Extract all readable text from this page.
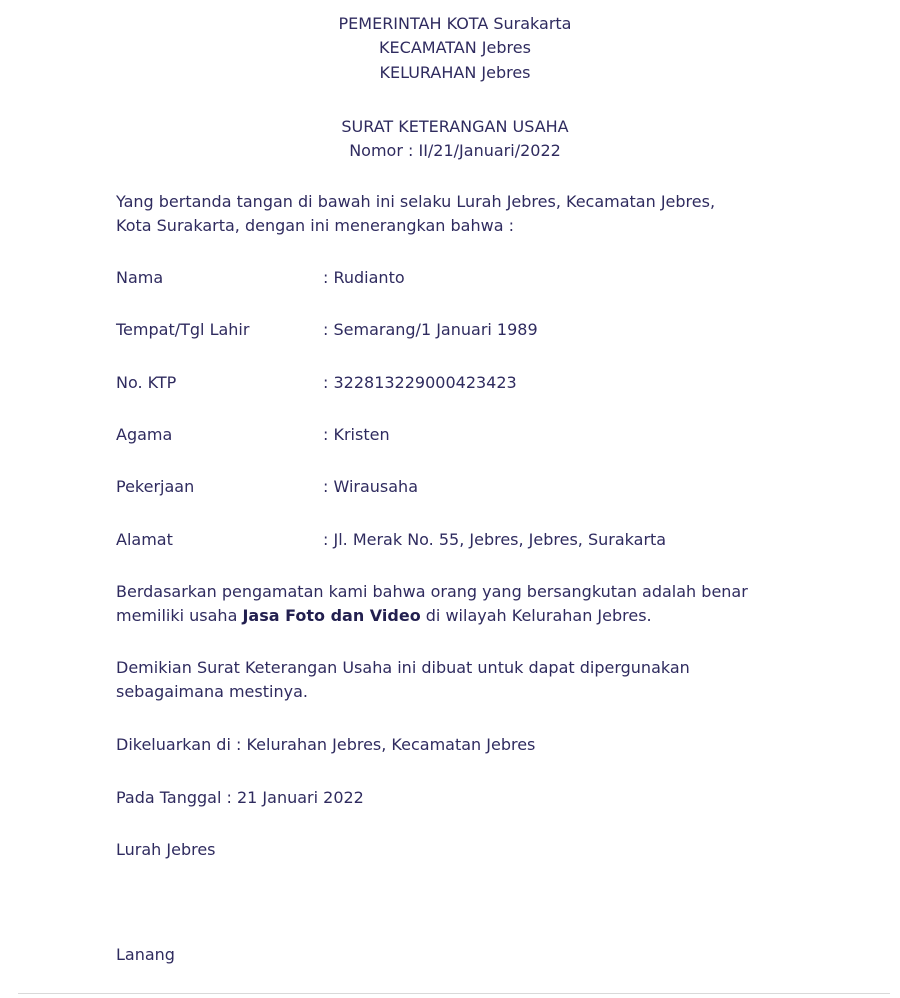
PEMERINTAH KOTA Surakarta
KECAMATAN Jebres
KELURAHAN Jebres
SURAT KETERANGAN USAHA
Nomor : II/21/Januari/2022
Yang bertanda tangan di bawah ini selaku Lurah Jebres, Kecamatan Jebres,
Kota Surakarta, dengan ini menerangkan bahwa :
Nama	: Rudianto
Tempat/Tgl Lahir	: Semarang/1 Januari 1989
No. KTP	: 322813229000423423
Agama	: Kristen
Pekerjaan	: Wirausaha
Alamat	: Jl. Merak No. 55, Jebres, Jebres, Surakarta
Berdasarkan pengamatan kami bahwa orang yang bersangkutan adalah benar
memiliki usaha Jasa Foto dan Video di wilayah Kelurahan Jebres.
Demikian Surat Keterangan Usaha ini dibuat untuk dapat dipergunakan
sebagaimana mestinya.
Dikeluarkan di : Kelurahan Jebres, Kecamatan Jebres
Pada Tanggal : 21 Januari 2022
Lurah Jebres
Lanang
